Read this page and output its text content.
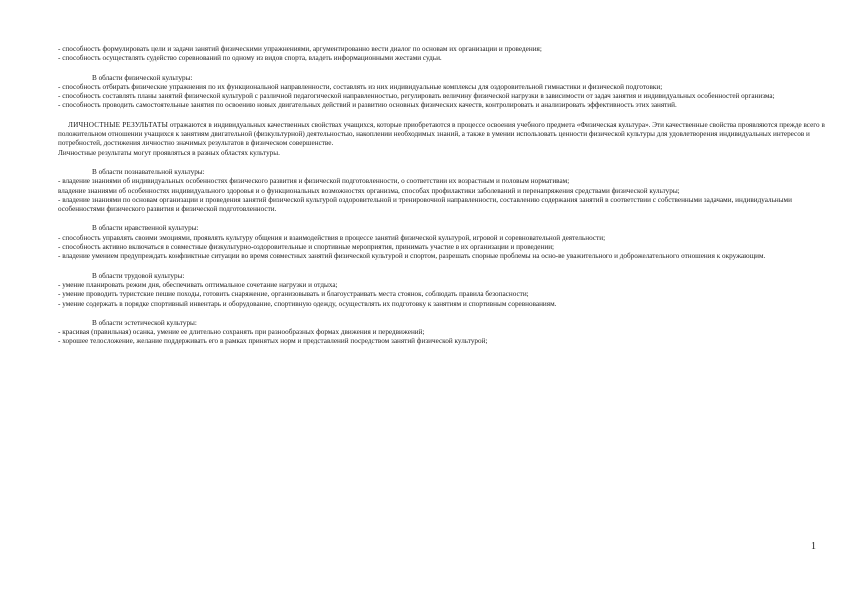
- способность формулировать цели и задачи занятий физическими упражнениями, аргументированно вести диалог по основам их организации и проведения;
- способность осуществлять судейство соревнований по одному из видов спорта, владеть информационными жестами судьи.
В области физической культуры:
- способность отбирать физические упражнения по их функциональной направленности, составлять из них индивидуальные комплексы для оздоровительной гимнастики и физической подготовки;
- способность составлять планы занятий физической культурой с различной педагогической направленностью, регулировать величину физической нагрузки в зависимости от задач занятия и индивидуальных особенностей организма;
- способность проводить самостоятельные занятия по освоению новых двигательных действий и развитию основных физических качеств, контролировать и анализировать эффективность этих занятий.
ЛИЧНОСТНЫЕ РЕЗУЛЬТАТЫ отражаются в индивидуальных качественных свойствах учащихся, которые приобретаются в процессе освоения учебного предмета «Физическая культура». Эти качественные свойства проявляются прежде всего в положительном отношении учащихся к занятиям двигательной (физкультурной) деятельностью, накоплении необходимых знаний, а также в умении использовать ценности физической культуры для удовлетворения индивидуальных интересов и потребностей, достижения личностно значимых результатов в физическом совершенстве.
Личностные результаты могут проявляться в разных областях культуры.
В области познавательной культуры:
- владение знаниями об индивидуальных особенностях физического развития и физической подготовленности, о соответствии их возрастным и половым нормативам;
владение знаниями об особенностях индивидуального здоровья и о функциональных возможностях организма, способах профилактики заболеваний и перенапряжения средствами физической культуры;
- владение знаниями по основам организации и проведения занятий физической культурой оздоровительной и тренировочной направленности, составлению содержания занятий в соответствии с собственными задачами, индивидуальными особенностями физического развития и физической подготовленности.
В области нравственной культуры:
- способность управлять своими эмоциями, проявлять культуру общения и взаимодействия в процессе занятий физической культурой, игровой и соревновательной деятельности;
- способность активно включаться в совместные физкультурно-оздоровительные и спортивные мероприятия, принимать участие в их организации и проведении;
- владение умением предупреждать конфликтные ситуации во время совместных занятий физической культурой и спортом, разрешать спорные проблемы на осно-ве уважительного и доброжелательного отношения к окружающим.
В области трудовой культуры:
- умение планировать режим дня, обеспечивать оптимальное сочетание нагрузки и отдыха;
- умение проводить туристские пешие походы, готовить снаряжение, организовывать и благоустраивать места стоянок, соблюдать правила безопасности;
- умение содержать в порядке спортивный инвентарь и оборудование, спортивную одежду, осуществлять их подготовку к занятиям и спортивным соревнованиям.
В области эстетической культуры:
- красивая (правильная) осанка, умение ее длительно сохранять при разнообразных формах движения и передвижений;
- хорошее телосложение, желание поддерживать его в рамках принятых норм и представлений посредством занятий физической культурой;
1
